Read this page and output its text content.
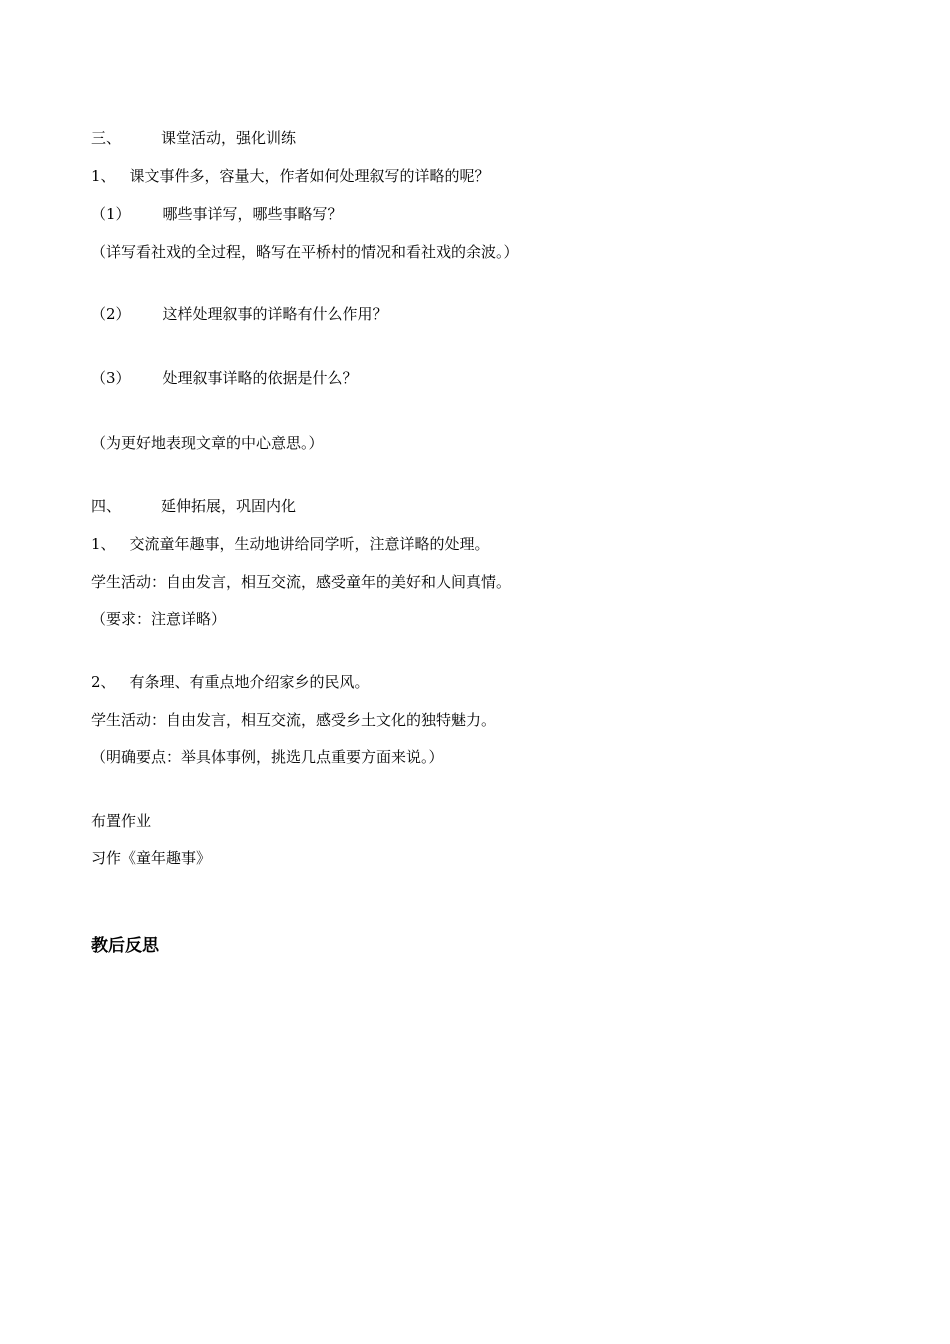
三、	课堂活动，强化训练
1、 课文事件多，容量大，作者如何处理叙写的详略的呢？
（1） 哪些事详写，哪些事略写？
（详写看社戏的全过程，略写在平桥村的情况和看社戏的余波。）
（2） 这样处理叙事的详略有什么作用？
（3） 处理叙事详略的依据是什么？
（为更好地表现文章的中心意思。）
四、	延伸拓展，巩固内化
1、 交流童年趣事，生动地讲给同学听，注意详略的处理。
学生活动：自由发言，相互交流，感受童年的美好和人间真情。
（要求：注意详略）
2、 有条理、有重点地介绍家乡的民风。
学生活动：自由发言，相互交流，感受乡土文化的独特魅力。
（明确要点：举具体事例，挑选几点重要方面来说。）
布置作业
习作《童年趣事》
教后反思
